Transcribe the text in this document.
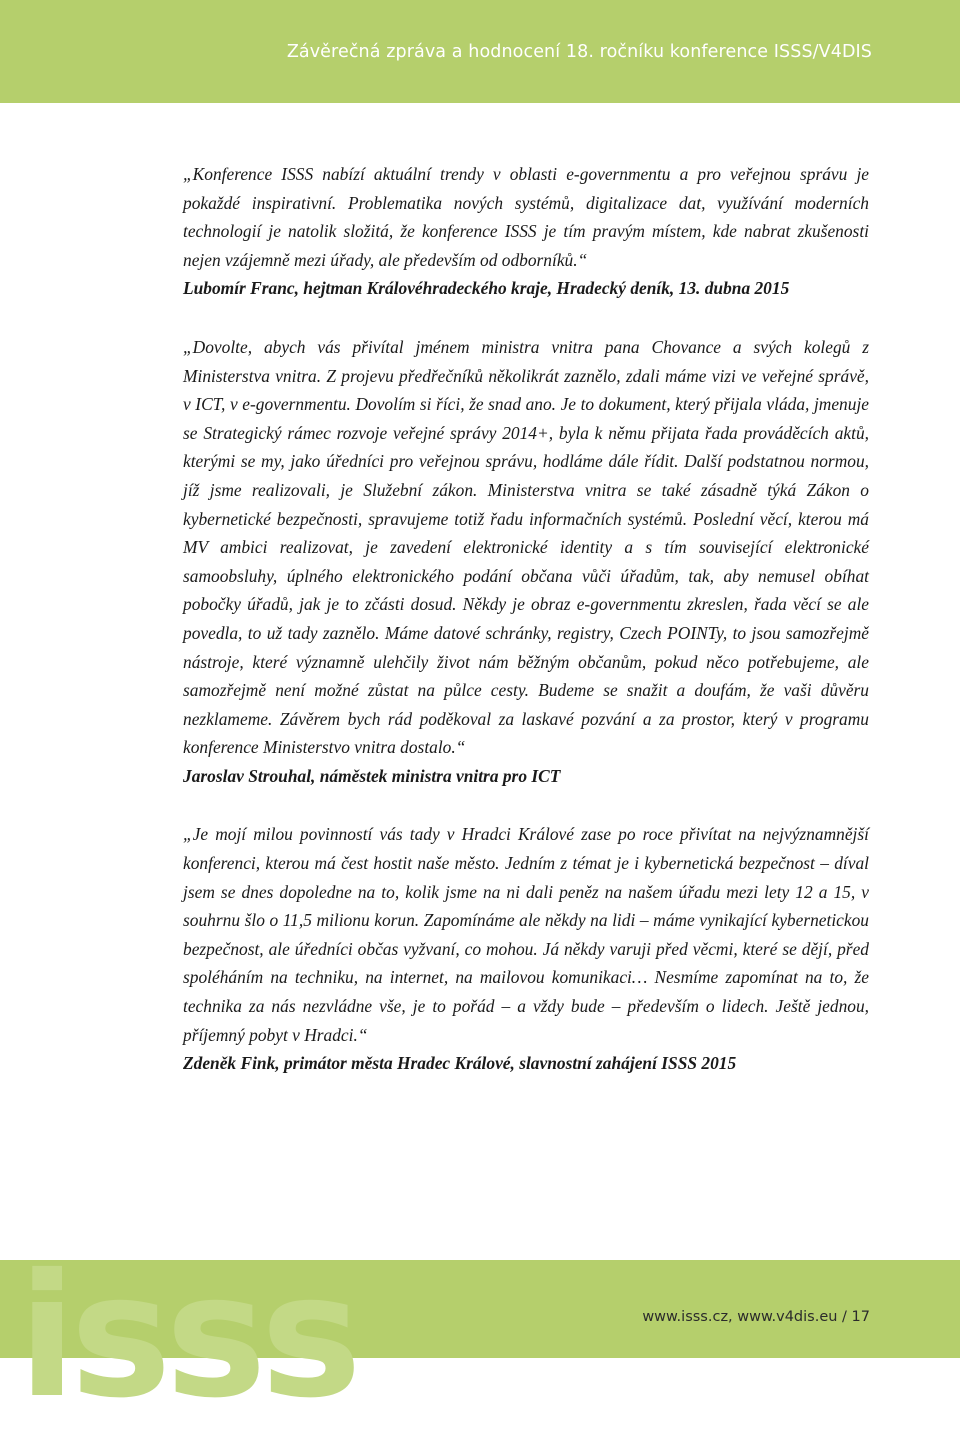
Závěrečná zpráva a hodnocení 18. ročníku konference ISSS/V4DIS

„Konference ISSS nabízí aktuální trendy v oblasti e-governmentu a pro veřejnou správu je pokaždé inspirativní. Problematika nových systémů, digitalizace dat, využívání moderních technologií je natolik složitá, že konference ISSS je tím pravým místem, kde nabrat zkušenosti nejen vzájemně mezi úřady, ale především od odborníků.“

Lubomír Franc, hejtman Královéhradeckého kraje, Hradecký deník, 13. dubna 2015

„Dovolte, abych vás přivítal jménem ministra vnitra pana Chovance a svých kolegů z Ministerstva vnitra. Z projevu předřečníků několikrát zaznělo, zdali máme vizi ve veřejné správě, v ICT, v e-governmentu. Dovolím si říci, že snad ano. Je to dokument, který přijala vláda, jmenuje se Strategický rámec rozvoje veřejné správy 2014+, byla k němu přijata řada prováděcích aktů, kterými se my, jako úředníci pro veřejnou správu, hodláme dále řídit. Další podstatnou normou, jíž jsme realizovali, je Služební zákon. Ministerstva vnitra se také zásadně týká Zákon o kybernetické bezpečnosti, spravujeme totiž řadu informačních systémů. Poslední věcí, kterou má MV ambici realizovat, je zavedení elektronické identity a s tím související elektronické samoobsluhy, úplného elektronického podání občana vůči úřadům, tak, aby nemusel obíhat pobočky úřadů, jak je to zčásti dosud. Někdy je obraz e-governmentu zkreslen, řada věcí se ale povedla, to už tady zaznělo. Máme datové schránky, registry, Czech POINTy, to jsou samozřejmě nástroje, které významně ulehčily život nám běžným občanům, pokud něco potřebujeme, ale samozřejmě není možné zůstat na půlce cesty. Budeme se snažit a doufám, že vaši důvěru nezklameme. Závěrem bych rád poděkoval za laskavé pozvání a za prostor, který v programu konference Ministerstvo vnitra dostalo.“

Jaroslav Strouhal, náměstek ministra vnitra pro ICT

„Je mojí milou povinností vás tady v Hradci Králové zase po roce přivítat na nejvýznamnější konferenci, kterou má čest hostit naše město. Jedním z témat je i kybernetická bezpečnost – díval jsem se dnes dopoledne na to, kolik jsme na ni dali peněz na našem úřadu mezi lety 12 a 15, v souhrnu šlo o 11,5 milionu korun. Zapomínáme ale někdy na lidi – máme vynikající kybernetickou bezpečnost, ale úředníci občas vyžvaní, co mohou. Já někdy varuji před věcmi, které se dějí, před spoléháním na techniku, na internet, na mailovou komunikaci… Nesmíme zapomínat na to, že technika za nás nezvládne vše, je to pořád – a vždy bude – především o lidech. Ještě jednou, příjemný pobyt v Hradci.“

Zdeněk Fink, primátor města Hradec Králové, slavnostní zahájení ISSS 2015

isss	www.isss.cz, www.v4dis.eu / 17
